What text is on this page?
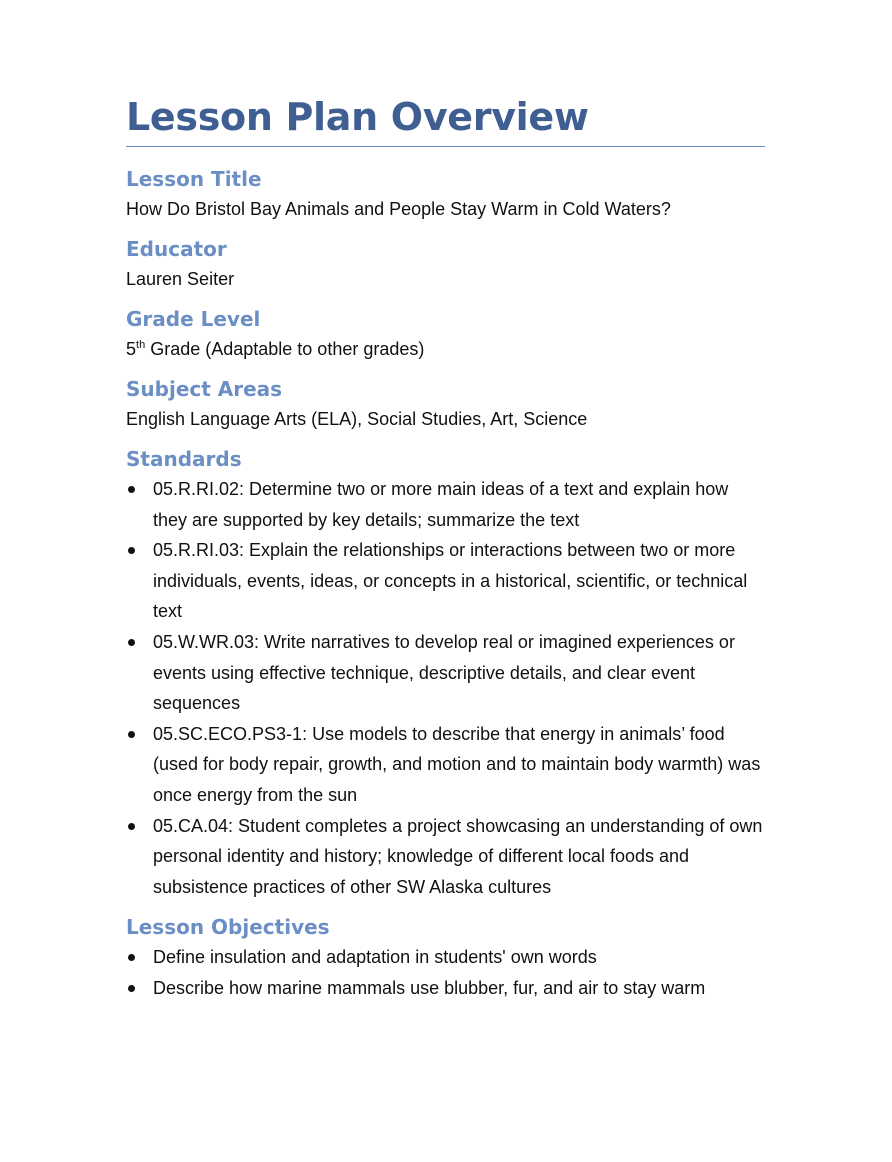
Lesson Plan Overview
Lesson Title

How Do Bristol Bay Animals and People Stay Warm in Cold Waters?

Educator

Lauren Seiter

Grade Level

5th Grade (Adaptable to other grades)

Subject Areas

English Language Arts (ELA), Social Studies, Art, Science

Standards
05.R.RI.02: Determine two or more main ideas of a text and explain how they are supported by key details; summarize the text
05.R.RI.03: Explain the relationships or interactions between two or more individuals, events, ideas, or concepts in a historical, scientific, or technical text
05.W.WR.03: Write narratives to develop real or imagined experiences or events using effective technique, descriptive details, and clear event sequences
05.SC.ECO.PS3-1: Use models to describe that energy in animals’ food (used for body repair, growth, and motion and to maintain body warmth) was once energy from the sun
05.CA.04: Student completes a project showcasing an understanding of own personal identity and history; knowledge of different local foods and subsistence practices of other SW Alaska cultures
Lesson Objectives
Define insulation and adaptation in students' own words
Describe how marine mammals use blubber, fur, and air to stay warm
